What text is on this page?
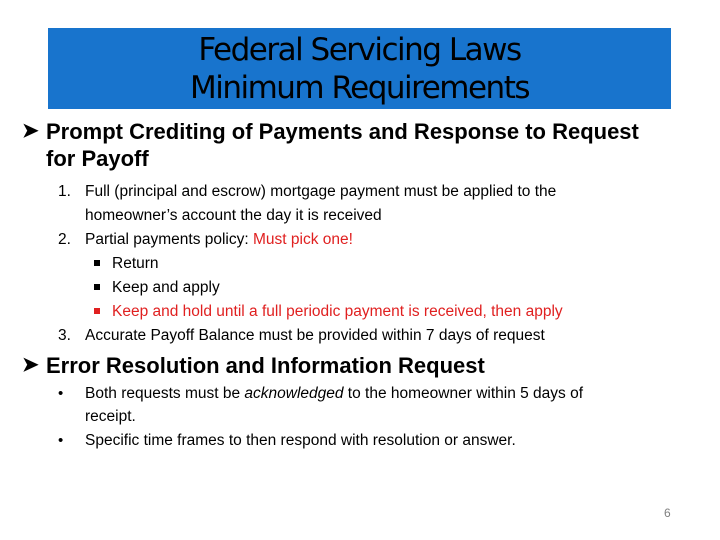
Federal Servicing Laws
Minimum Requirements
➤ Prompt Crediting of Payments and Response to Request
for Payoff
1. Full (principal and escrow) mortgage payment must be applied to the
homeowner’s account the day it is received
2. Partial payments policy: Must pick one!
Return
Keep and apply
Keep and hold until a full periodic payment is received, then apply
3. Accurate Payoff Balance must be provided within 7 days of request
➤ Error Resolution and Information Request
• Both requests must be acknowledged to the homeowner within 5 days of
receipt.
• Specific time frames to then respond with resolution or answer.
6
